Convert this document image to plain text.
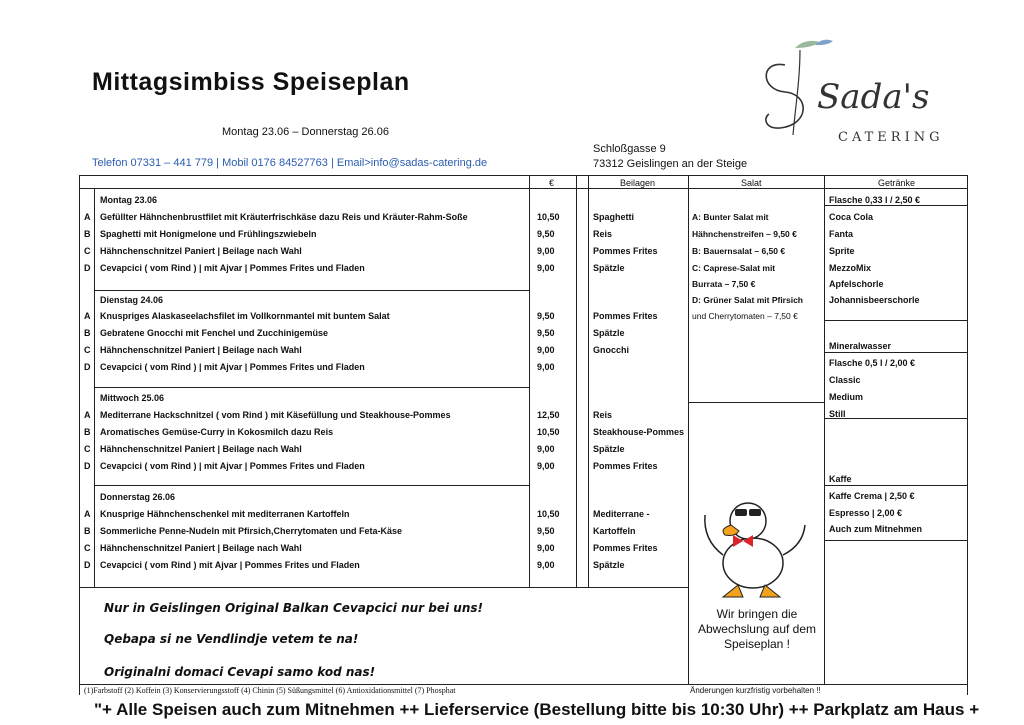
Mittagsimbiss Speiseplan
Montag 23.06 – Donnerstag 26.06
Telefon 07331 – 441 779 | Mobil 0176 84527763 | Email>info@sadas-catering.de
Schloßgasse 9
73312 Geislingen an der Steige
Sada's
CATERING
€	Beilagen	Salat	Getränke
Montag 23.06
A Gefüllter Hähnchenbrustfilet mit Kräuterfrischkäse dazu Reis und Kräuter-Rahm-Soße	10,50	Spaghetti
B Spaghetti mit Honigmelone und Frühlingszwiebeln	9,50	Reis
C Hähnchenschnitzel Paniert | Beilage nach Wahl	9,00	Pommes Frites
D Cevapcici ( vom Rind ) | mit Ajvar | Pommes Frites und Fladen	9,00	Spätzle
Dienstag 24.06
A Knuspriges Alaskaseelachsfilet im Vollkornmantel mit buntem Salat	9,50	Pommes Frites
B Gebratene Gnocchi mit Fenchel und Zucchinigemüse	9,50	Spätzle
C Hähnchenschnitzel Paniert | Beilage nach Wahl	9,00	Gnocchi
D Cevapcici ( vom Rind ) | mit Ajvar | Pommes Frites und Fladen	9,00
Mittwoch 25.06
A Mediterrane Hackschnitzel ( vom Rind ) mit Käsefüllung und Steakhouse-Pommes	12,50	Reis
B Aromatisches Gemüse-Curry in Kokosmilch dazu Reis	10,50	Steakhouse-Pommes
C Hähnchenschnitzel Paniert | Beilage nach Wahl	9,00	Spätzle
D Cevapcici ( vom Rind ) | mit Ajvar | Pommes Frites und Fladen	9,00	Pommes Frites
Donnerstag 26.06
A Knusprige Hähnchenschenkel mit mediterranen Kartoffeln	10,50	Mediterrane -
B Sommerliche Penne-Nudeln mit Pfirsich,Cherrytomaten und Feta-Käse	9,50	Kartoffeln
C Hähnchenschnitzel Paniert | Beilage nach Wahl	9,00	Pommes Frites
D Cevapcici ( vom Rind ) mit Ajvar | Pommes Frites und Fladen	9,00	Spätzle
A: Bunter Salat mit
Hähnchenstreifen – 9,50 €
B: Bauernsalat – 6,50 €
C: Caprese-Salat mit
Burrata – 7,50 €
D: Grüner Salat mit Pfirsich
und Cherrytomaten – 7,50 €
Flasche 0,33 l / 2,50 €
Coca Cola
Fanta
Sprite
MezzoMix
Apfelschorle
Johannisbeerschorle
Mineralwasser
Flasche 0,5 l / 2,00 €
Classic
Medium
Still
Kaffe
Kaffe Crema | 2,50 €
Espresso | 2,00 €
Auch zum Mitnehmen
Wir bringen die Abwechslung auf dem Speiseplan !
Nur in Geislingen Original Balkan Cevapcici nur bei uns!
Qebapa si ne Vendlindje vetem te na!
Originalni domaci Cevapi samo kod nas!
(1)Farbstoff (2) Koffein (3) Konservierungsstoff (4) Chinin (5) Süßungsmittel (6) Antioxidationsmittel (7) Phosphat	Änderungen kurzfristig vorbehalten !!
"+ Alle Speisen auch zum Mitnehmen ++ Lieferservice (Bestellung bitte bis 10:30 Uhr) ++ Parkplatz am Haus +
